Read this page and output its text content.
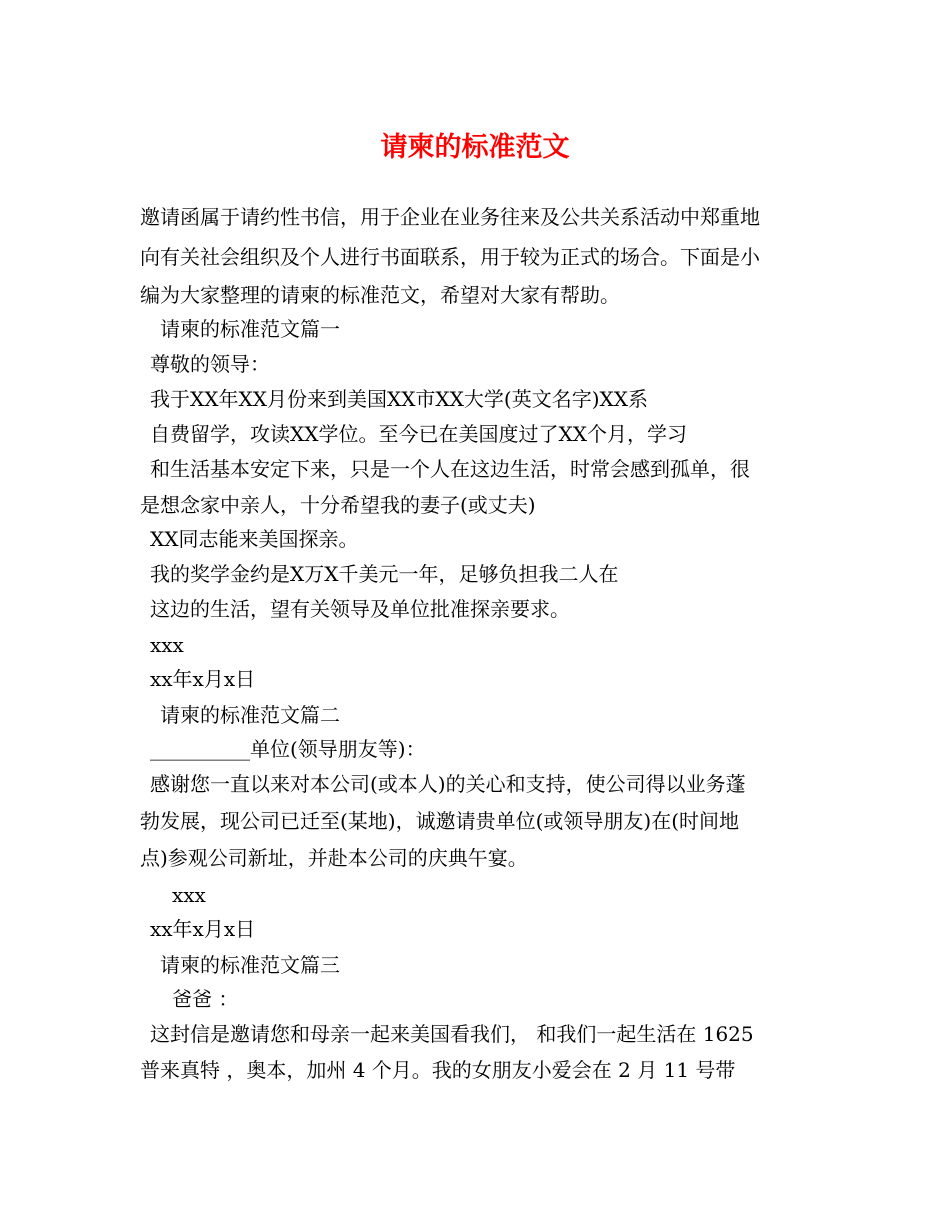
请柬的标准范文
邀请函属于请约性书信，用于企业在业务往来及公共关系活动中郑重地
向有关社会组织及个人进行书面联系，用于较为正式的场合。下面是小
编为大家整理的请柬的标准范文，希望对大家有帮助。
请柬的标准范文篇一
尊敬的领导：
我于XX年XX月份来到美国XX市XX大学(英文名字)XX系
自费留学，攻读XX学位。至今已在美国度过了XX个月，学习
和生活基本安定下来，只是一个人在这边生活，时常会感到孤单，很
是想念家中亲人，十分希望我的妻子(或丈夫)
XX同志能来美国探亲。
我的奖学金约是X万X千美元一年，足够负担我二人在
这边的生活，望有关领导及单位批准探亲要求。
xxx
xx年x月x日
请柬的标准范文篇二
__________单位(领导朋友等)：
感谢您一直以来对本公司(或本人)的关心和支持，使公司得以业务蓬
勃发展，现公司已迁至(某地)，诚邀请贵单位(或领导朋友)在(时间地
点)参观公司新址，并赴本公司的庆典午宴。
xxx
xx年x月x日
请柬的标准范文篇三
爸爸 ：
这封信是邀请您和母亲一起来美国看我们， 和我们一起生活在 1625
普来真特 ，奥本，加州 4 个月。我的女朋友小爱会在 2 月 11 号带
